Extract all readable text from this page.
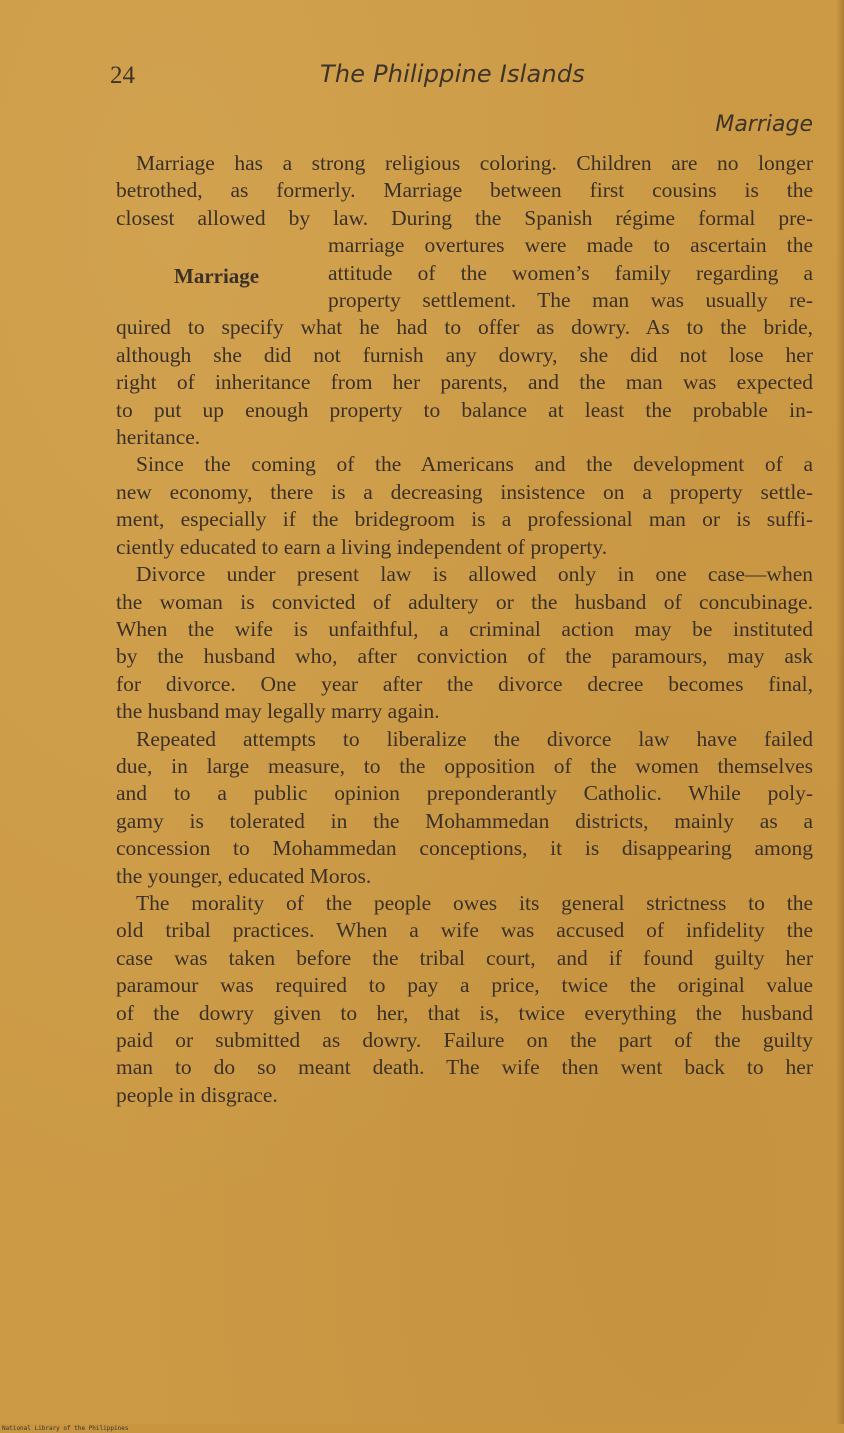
24	The Philippine Islands
Marriage
Marriage has a strong religious coloring. Children are no longer
betrothed, as formerly. Marriage between first cousins is the
closest allowed by law. During the Spanish régime formal pre-
marriage overtures were made to ascertain the
attitude of the women’s family regarding a
property settlement. The man was usually re-
Marriage
quired to specify what he had to offer as dowry. As to the bride,
although she did not furnish any dowry, she did not lose her
right of inheritance from her parents, and the man was expected
to put up enough property to balance at least the probable in-
heritance.
Since the coming of the Americans and the development of a
new economy, there is a decreasing insistence on a property settle-
ment, especially if the bridegroom is a professional man or is suffi-
ciently educated to earn a living independent of property.
Divorce under present law is allowed only in one case—when
the woman is convicted of adultery or the husband of concubinage.
When the wife is unfaithful, a criminal action may be instituted
by the husband who, after conviction of the paramours, may ask
for divorce. One year after the divorce decree becomes final,
the husband may legally marry again.
Repeated attempts to liberalize the divorce law have failed
due, in large measure, to the opposition of the women themselves
and to a public opinion preponderantly Catholic. While poly-
gamy is tolerated in the Mohammedan districts, mainly as a
concession to Mohammedan conceptions, it is disappearing among
the younger, educated Moros.
The morality of the people owes its general strictness to the
old tribal practices. When a wife was accused of infidelity the
case was taken before the tribal court, and if found guilty her
paramour was required to pay a price, twice the original value
of the dowry given to her, that is, twice everything the husband
paid or submitted as dowry. Failure on the part of the guilty
man to do so meant death. The wife then went back to her
people in disgrace.
National Library of the Philippines
